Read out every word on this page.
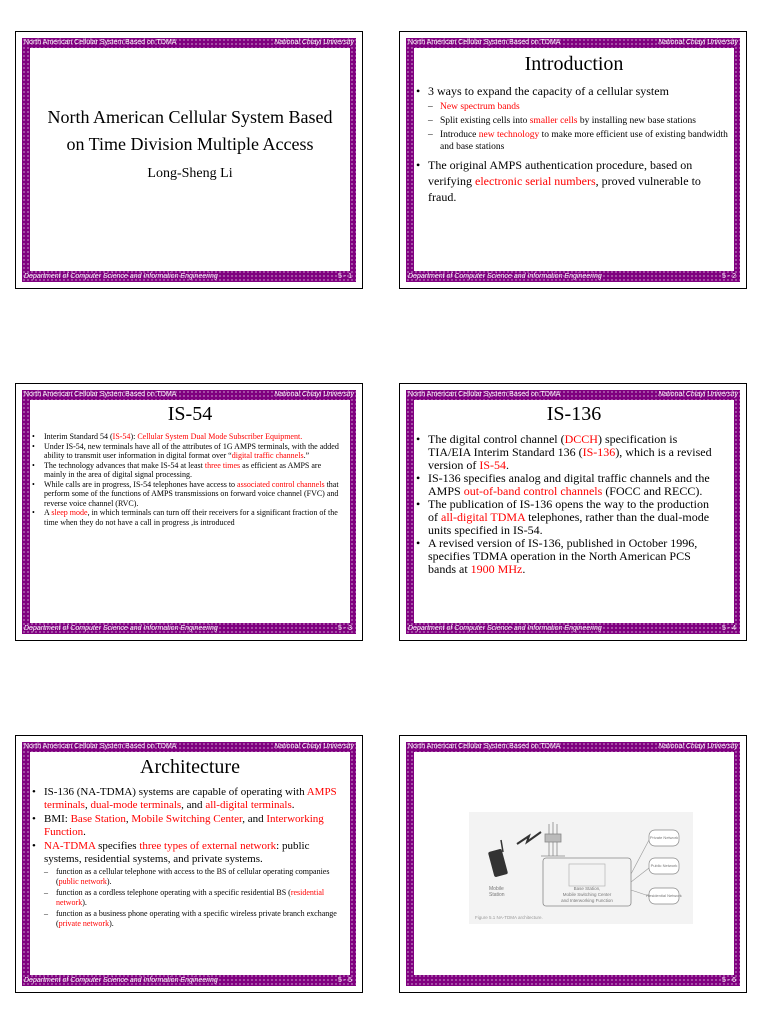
North American Cellular System Based on TDMA	National Chiayi University
North American Cellular System Based on Time Division Multiple Access
Long-Sheng Li
Department of Computer Science and Information Engineering	5 - 1
North American Cellular System Based on TDMA	National Chiayi University
Introduction
• 3 ways to expand the capacity of a cellular system
– New spectrum bands
– Split existing cells into smaller cells by installing new base stations
– Introduce new technology to make more efficient use of existing bandwidth and base stations
• The original AMPS authentication procedure, based on verifying electronic serial numbers, proved vulnerable to fraud.
Department of Computer Science and Information Engineering	5 - 2
North American Cellular System Based on TDMA	National Chiayi University
IS-54
• Interim Standard 54 (IS-54): Cellular System Dual Mode Subscriber Equipment.
• Under IS-54, new terminals have all of the attributes of 1G AMPS terminals, with the added ability to transmit user information in digital format over “digital traffic channels.”
• The technology advances that make IS-54 at least three times as efficient as AMPS are mainly in the area of digital signal processing.
• While calls are in progress, IS-54 telephones have access to associated control channels that perform some of the functions of AMPS transmissions on forward voice channel (FVC) and reverse voice channel (RVC).
• A sleep mode, in which terminals can turn off their receivers for a significant fraction of the time when they do not have a call in progress ,is introduced
Department of Computer Science and Information Engineering	5 - 3
North American Cellular System Based on TDMA	National Chiayi University
IS-136
• The digital control channel (DCCH) specification is TIA/EIA Interim Standard 136 (IS-136), which is a revised version of IS-54.
• IS-136 specifies analog and digital traffic channels and the AMPS out-of-band control channels (FOCC and RECC).
• The publication of IS-136 opens the way to the production of all-digital TDMA telephones, rather than the dual-mode units specified in IS-54.
• A revised version of IS-136, published in October 1996, specifies TDMA operation in the North American PCS bands at 1900 MHz.
Department of Computer Science and Information Engineering	5 - 4
North American Cellular System Based on TDMA	National Chiayi University
Architecture
• IS-136 (NA-TDMA) systems are capable of operating with AMPS terminals, dual-mode terminals, and all-digital terminals.
• BMI: Base Station, Mobile Switching Center, and Interworking Function.
• NA-TDMA specifies three types of external network: public systems, residential systems, and private systems.
– function as a cellular telephone with access to the BS of cellular operating companies (public network).
– function as a cordless telephone operating with a specific residential BS (residential network).
– function as a business phone operating with a specific wireless private branch exchange (private network).
Department of Computer Science and Information Engineering	5 - 5
North American Cellular System Based on TDMA	National Chiayi University
Mobile
Station
Base Station,
Mobile Switching Center
and Interworking Function
Private Network
Public Network
Residential Network
Figure 5.1 NA-TDMA architecture.
5 - 6
